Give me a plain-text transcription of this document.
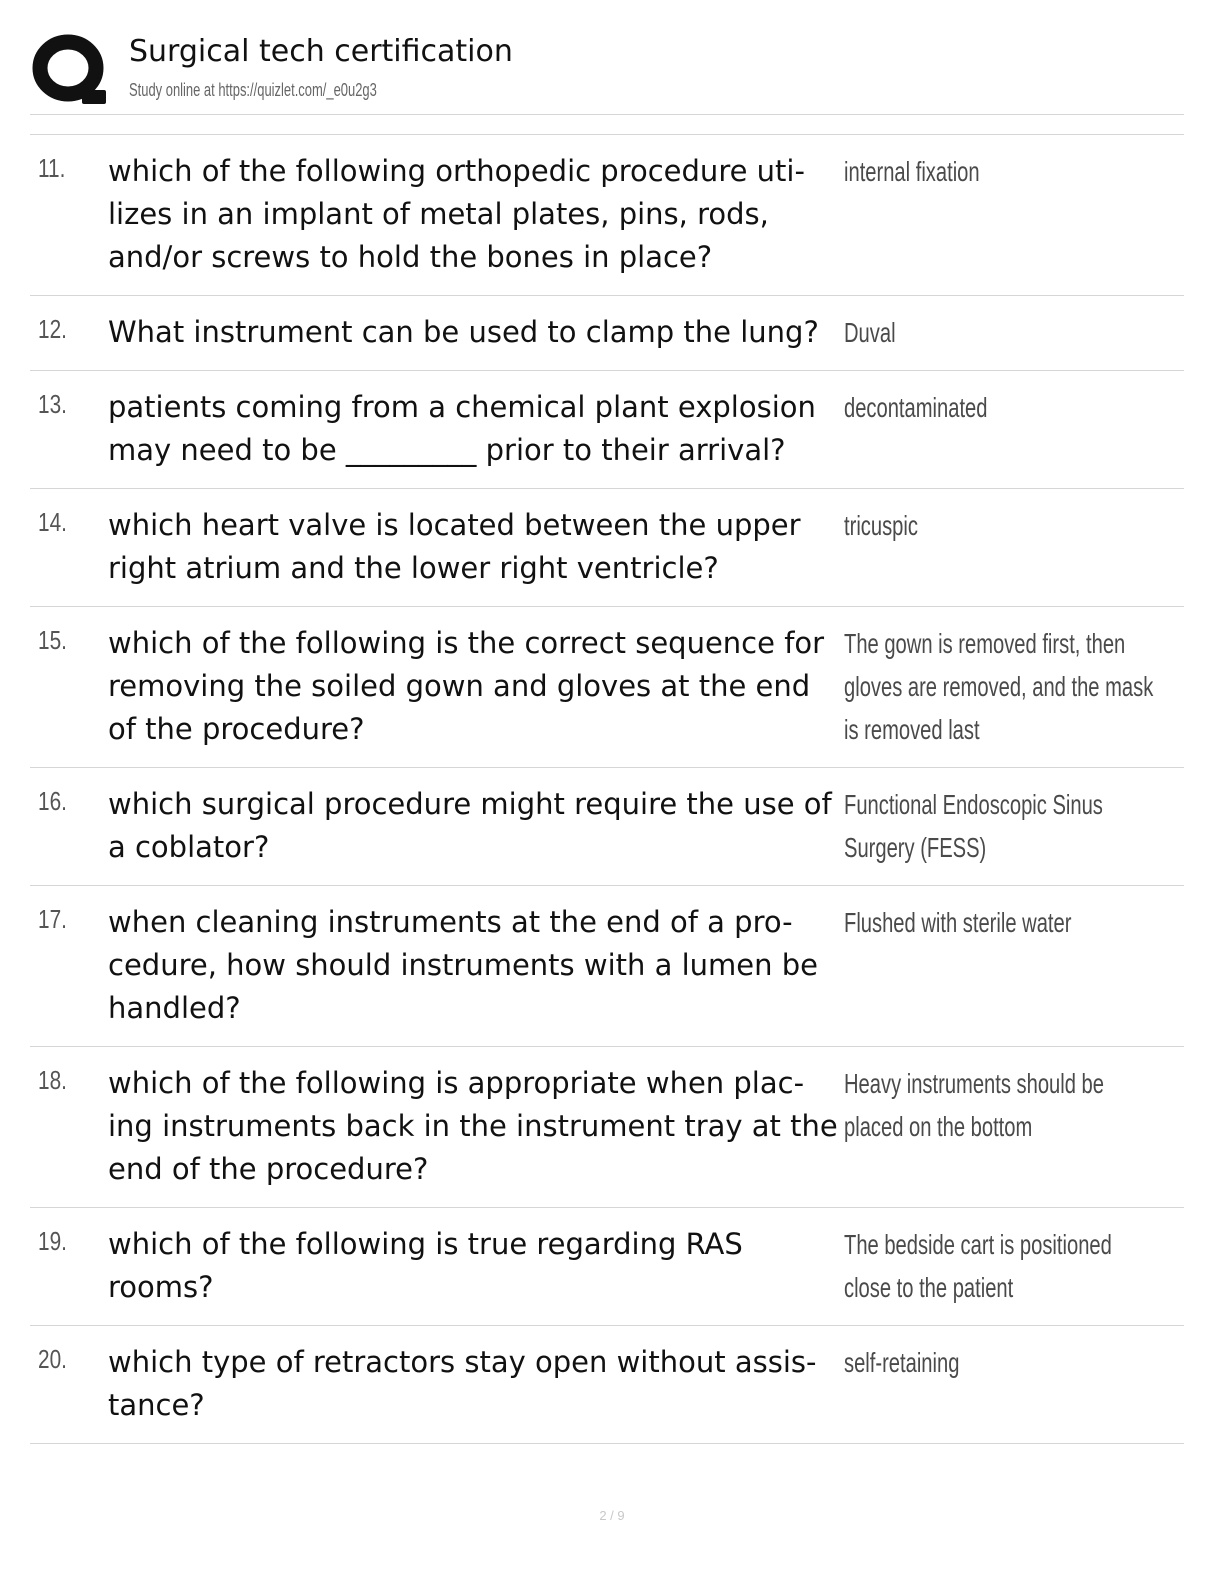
Surgical tech certification
Study online at https://quizlet.com/_e0u2g3
11. which of the following orthopedic procedure uti-lizes in an implant of metal plates, pins, rods, and/or screws to hold the bones in place?
internal fixation
12. What instrument can be used to clamp the lung? Duval
13. patients coming from a chemical plant explosion may need to be _________ prior to their arrival?
decontaminated
14. which heart valve is located between the upper right atrium and the lower right ventricle?
tricuspic
15. which of the following is the correct sequence for removing the soiled gown and gloves at the end of the procedure?
The gown is removed first, then gloves are removed, and the mask is removed last
16. which surgical procedure might require the use of a coblator?
Functional Endoscopic Sinus Surgery (FESS)
17. when cleaning instruments at the end of a pro-cedure, how should instruments with a lumen be handled?
Flushed with sterile water
18. which of the following is appropriate when plac-ing instruments back in the instrument tray at the end of the procedure?
Heavy instruments should be placed on the bottom
19. which of the following is true regarding RAS rooms?
The bedside cart is positioned close to the patient
20. which type of retractors stay open without assis-tance?
self-retaining
2 / 9
